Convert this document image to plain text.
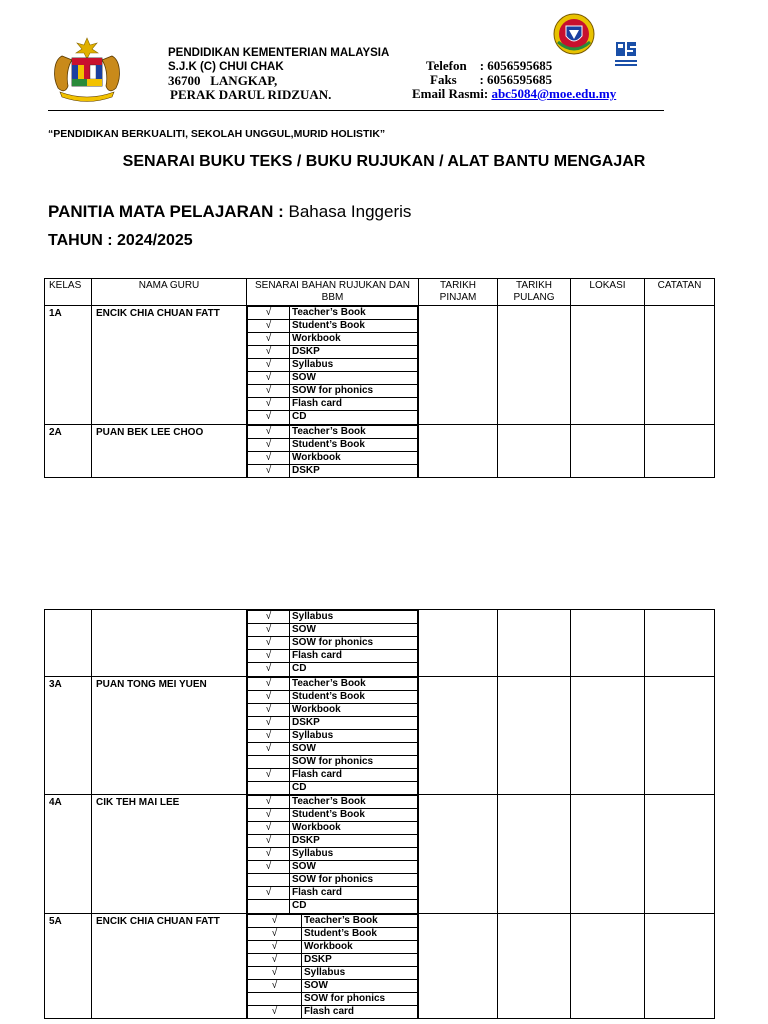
PENDIDIKAN KEMENTERIAN MALAYSIA
S.J.K (C) CHUI CHAK
36700   LANGKAP,
PERAK DARUL RIDZUAN.
Telefon    : 6056595685
Faks       : 6056595685
Email Rasmi: abc5084@moe.edu.my
“PENDIDIKAN BERKUALITI, SEKOLAH UNGGUL,MURID HOLISTIK”
SENARAI BUKU TEKS / BUKU RUJUKAN / ALAT BANTU MENGAJAR
PANITIA MATA PELAJARAN : Bahasa Inggeris
TAHUN : 2024/2025
KELAS	NAMA GURU	SENARAI BAHAN RUJUKAN DAN BBM	TARIKH PINJAM	TARIKH PULANG	LOKASI	CATATAN
1A	ENCIK CHIA CHUAN FATT		√	Teacher’s Book
√	Student’s Book
√	Workbook
√	DSKP
√	Syllabus
√	SOW
√	SOW for phonics
√	Flash card
√	CD

2A	PUAN BEK LEE CHOO		√	Teacher’s Book
√	Student’s Book
√	Workbook
√	DSKP

√	Syllabus
√	SOW
√	SOW for phonics
√	Flash card
√	CD

3A	PUAN TONG MEI YUEN		√	Teacher’s Book
√	Student’s Book
√	Workbook
√	DSKP
√	Syllabus
√	SOW
	SOW for phonics
√	Flash card
	CD

4A	CIK TEH MAI LEE		√	Teacher’s Book
√	Student’s Book
√	Workbook
√	DSKP
√	Syllabus
√	SOW
	SOW for phonics
√	Flash card
	CD

5A	ENCIK CHIA CHUAN FATT		√	Teacher’s Book
√	Student’s Book
√	Workbook
√	DSKP
√	Syllabus
√	SOW
	SOW for phonics
√	Flash card
